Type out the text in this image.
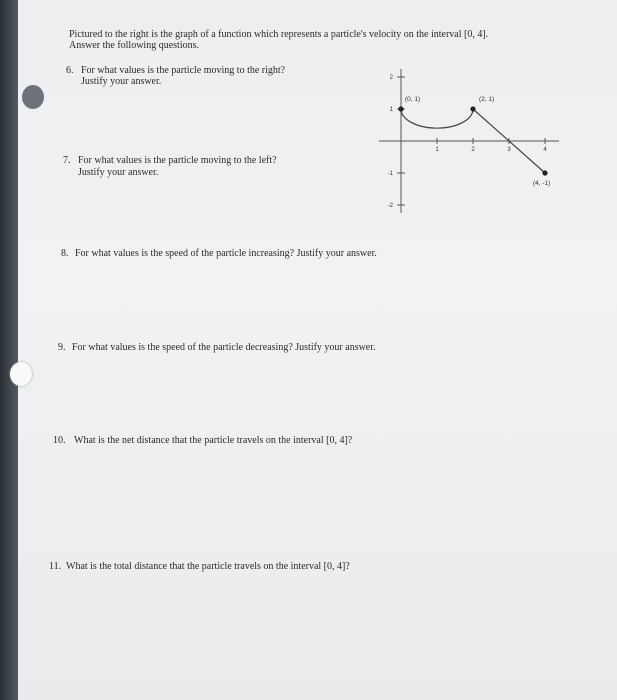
Pictured to the right is the graph of a function which represents a particle's velocity on the interval [0, 4].
Answer the following questions.
6. For what values is the particle moving to the right?
Justify your answer.
7. For what values is the particle moving to the left?
Justify your answer.
8. For what values is the speed of the particle increasing? Justify your answer.
9. For what values is the speed of the particle decreasing? Justify your answer.
10. What is the net distance that the particle travels on the interval [0, 4]?
11. What is the total distance that the particle travels on the interval [0, 4]?
1	2	3	4
2
1
-1
-2
(0, 1)	(2, 1)
(4, -1)
